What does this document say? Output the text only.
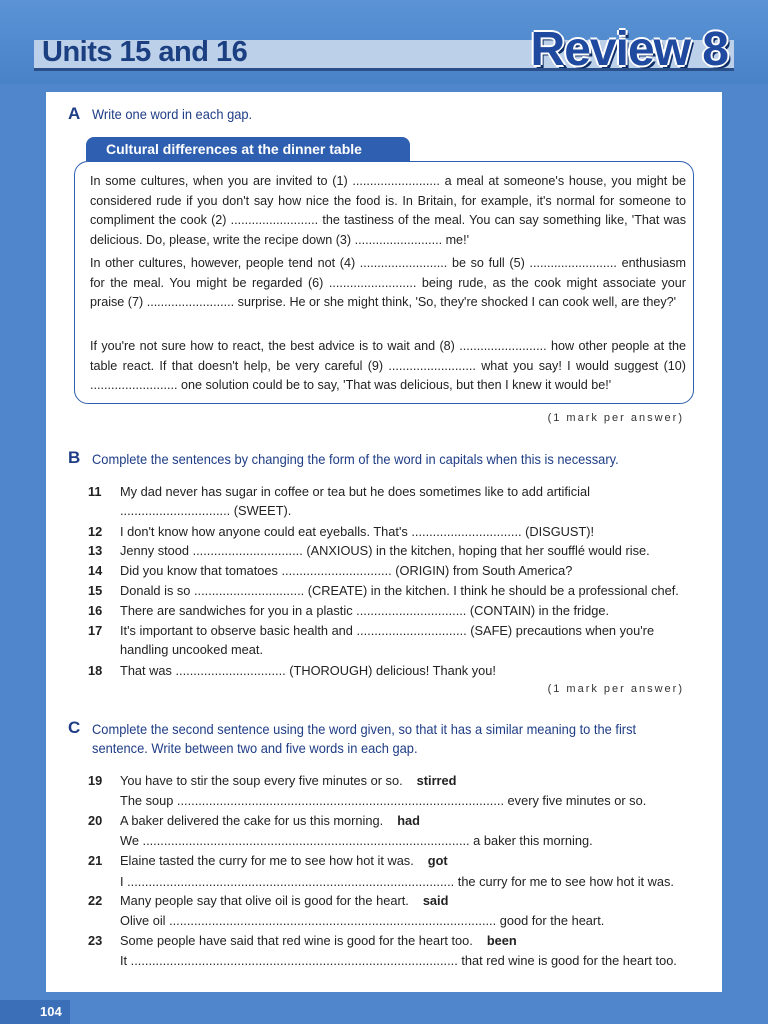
Units 15 and 16	Review 8
A Write one word in each gap.
Cultural differences at the dinner table
In some cultures, when you are invited to (1) ......................... a meal at someone's house, you might be considered rude if you don't say how nice the food is. In Britain, for example, it's normal for someone to compliment the cook (2) ......................... the tastiness of the meal. You can say something like, 'That was delicious. Do, please, write the recipe down (3) ......................... me!'
In other cultures, however, people tend not (4) ......................... be so full (5) ......................... enthusiasm for the meal. You might be regarded (6) ......................... being rude, as the cook might associate your praise (7) ......................... surprise. He or she might think, 'So, they're shocked I can cook well, are they?'
If you're not sure how to react, the best advice is to wait and (8) ......................... how other people at the table react. If that doesn't help, be very careful (9) ......................... what you say! I would suggest (10) ......................... one solution could be to say, 'That was delicious, but then I knew it would be!'
(1 mark per answer)
B Complete the sentences by changing the form of the word in capitals when this is necessary.
11 My dad never has sugar in coffee or tea but he does sometimes like to add artificial
............................... (SWEET).
12 I don't know how anyone could eat eyeballs. That's ............................... (DISGUST)!
13 Jenny stood ............................... (ANXIOUS) in the kitchen, hoping that her soufflé would rise.
14 Did you know that tomatoes ............................... (ORIGIN) from South America?
15 Donald is so ............................... (CREATE) in the kitchen. I think he should be a professional chef.
16 There are sandwiches for you in a plastic ............................... (CONTAIN) in the fridge.
17 It's important to observe basic health and ............................... (SAFE) precautions when you're
handling uncooked meat.
18 That was ............................... (THOROUGH) delicious! Thank you!
(1 mark per answer)
C Complete the second sentence using the word given, so that it has a similar meaning to the first
sentence. Write between two and five words in each gap.
19 You have to stir the soup every five minutes or so. stirred
The soup ............................................................................................ every five minutes or so.
20 A baker delivered the cake for us this morning. had
We ............................................................................................ a baker this morning.
21 Elaine tasted the curry for me to see how hot it was. got
I ............................................................................................ the curry for me to see how hot it was.
22 Many people say that olive oil is good for the heart. said
Olive oil ............................................................................................ good for the heart.
23 Some people have said that red wine is good for the heart too. been
It ............................................................................................ that red wine is good for the heart too.
104
